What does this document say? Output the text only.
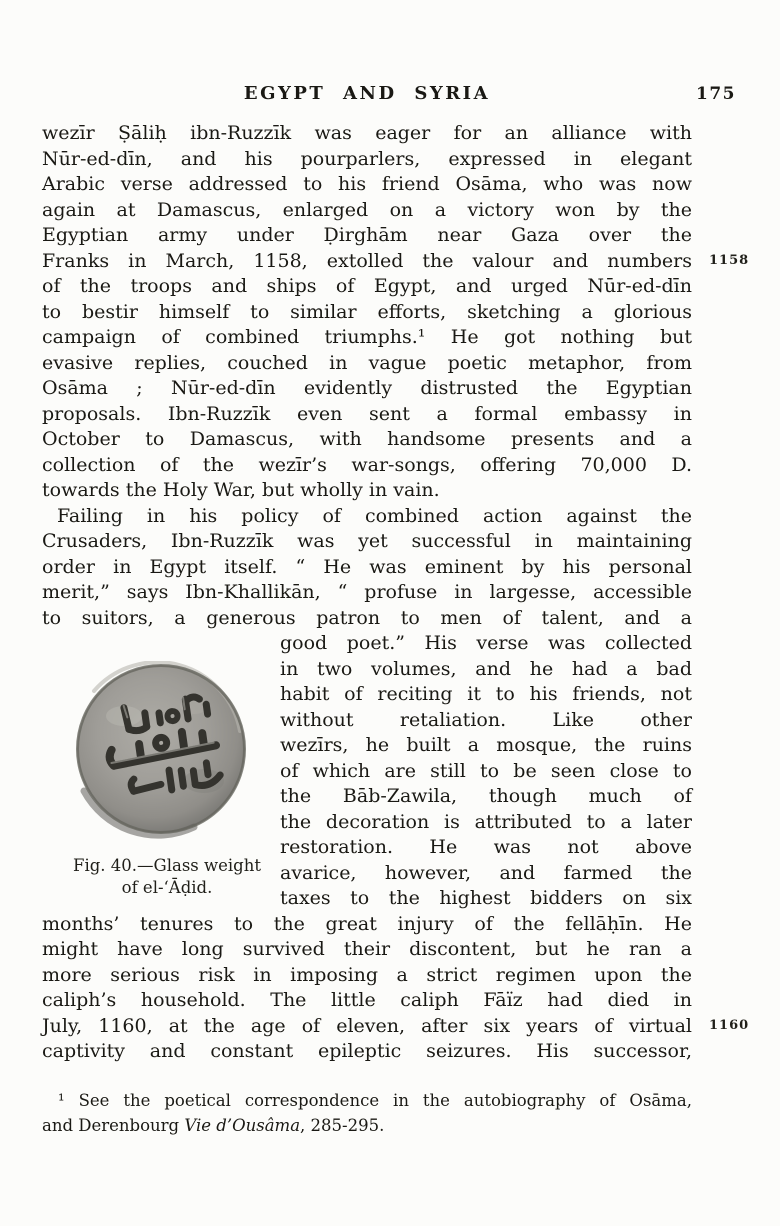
EGYPT AND SYRIA	175
1158
1160
wezīr Ṣāliḥ ibn-Ruzzīk was eager for an alliance with
Nūr-ed-dīn, and his pourparlers, expressed in elegant
Arabic verse addressed to his friend Osāma, who was now
again at Damascus, enlarged on a victory won by the
Egyptian army under Ḍirghām near Gaza over the
Franks in March, 1158, extolled the valour and numbers
of the troops and ships of Egypt, and urged Nūr-ed-dīn
to bestir himself to similar efforts, sketching a glorious
campaign of combined triumphs.¹ He got nothing but
evasive replies, couched in vague poetic metaphor, from
Osāma ; Nūr-ed-dīn evidently distrusted the Egyptian
proposals. Ibn-Ruzzīk even sent a formal embassy in
October to Damascus, with handsome presents and a
collection of the wezīr’s war-songs, offering 70,000 D.
towards the Holy War, but wholly in vain.
Failing in his policy of combined action against the
Crusaders, Ibn-Ruzzīk was yet successful in maintaining
order in Egypt itself. “ He was eminent by his personal
merit,” says Ibn-Khallikān, “ profuse in largesse, accessible
to suitors, a generous patron to men of talent, and a
Fig. 40.—Glass weight
of el-‘Āḍid.
good poet.” His verse was collected
in two volumes, and he had a bad
habit of reciting it to his friends, not
without retaliation. Like other
wezīrs, he built a mosque, the ruins
of which are still to be seen close to
the Bāb-Zawila, though much of
the decoration is attributed to a later
restoration. He was not above
avarice, however, and farmed the
taxes to the highest bidders on six
months’ tenures to the great injury of the fellāḥīn. He
might have long survived their discontent, but he ran a
more serious risk in imposing a strict regimen upon the
caliph’s household. The little caliph Fāïz had died in
July, 1160, at the age of eleven, after six years of virtual
captivity and constant epileptic seizures. His successor,
¹ See the poetical correspondence in the autobiography of Osāma,
and Derenbourg Vie d’Ousâma, 285-295.
